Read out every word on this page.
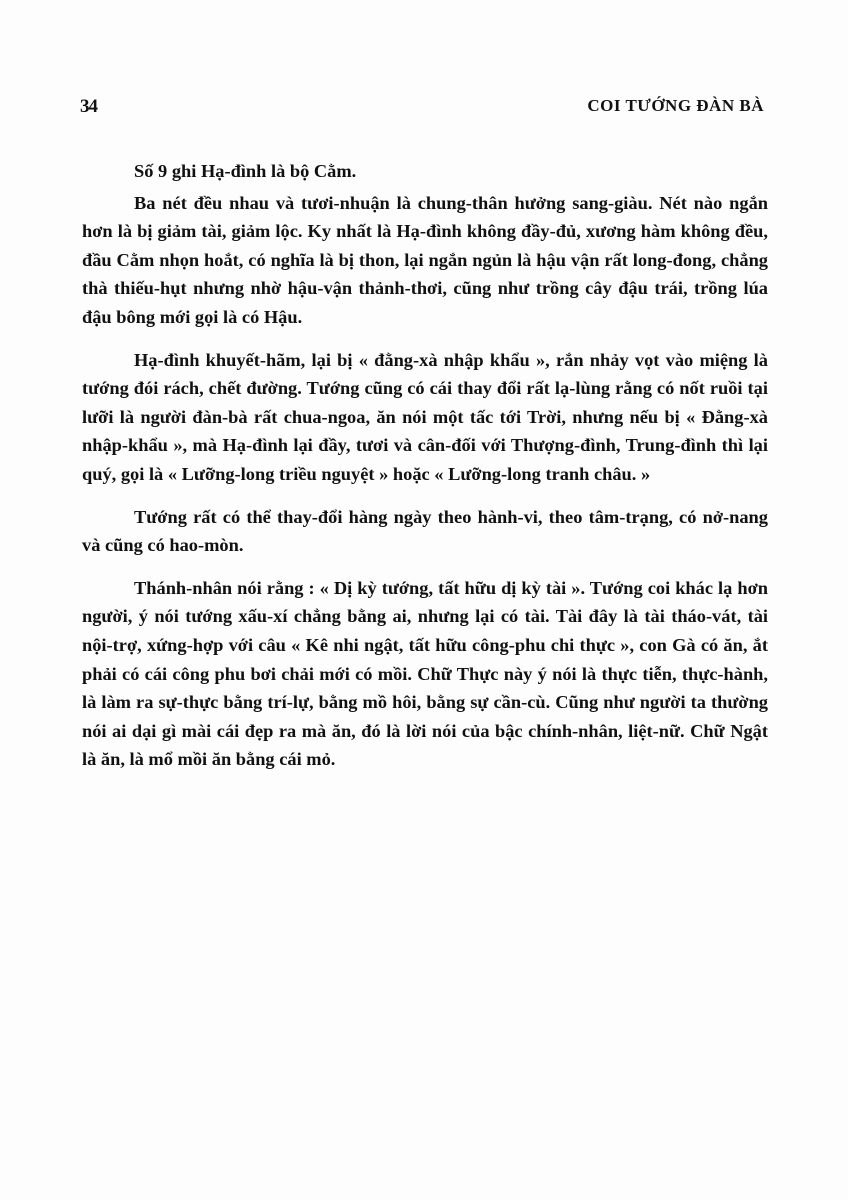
34	COI TƯỚNG ĐÀN BÀ

Số 9 ghi Hạ-đình là bộ Cằm.

Ba nét đều nhau và tươi-nhuận là chung-thân hưởng sang-giàu. Nét nào ngắn hơn là bị giảm tài, giảm lộc. Ky nhất là Hạ-đình không đầy-đủ, xương hàm không đều, đầu Cằm nhọn hoắt, có nghĩa là bị thon, lại ngắn ngủn là hậu vận rất long-đong, chẳng thà thiếu-hụt nhưng nhờ hậu-vận thảnh-thơi, cũng như trồng cây đậu trái, trồng lúa đậu bông mới gọi là có Hậu.

Hạ-đình khuyết-hãm, lại bị « đằng-xà nhập khẩu », rắn nhảy vọt vào miệng là tướng đói rách, chết đường. Tướng cũng có cái thay đổi rất lạ-lùng rằng có nốt ruồi tại lưỡi là người đàn-bà rất chua-ngoa, ăn nói một tấc tới Trời, nhưng nếu bị « Đằng-xà nhập-khẩu », mà Hạ-đình lại đầy, tươi và cân-đối với Thượng-đình, Trung-đình thì lại quý, gọi là « Lưỡng-long triều nguyệt » hoặc « Lưỡng-long tranh châu. »

Tướng rất có thể thay-đổi hàng ngày theo hành-vi, theo tâm-trạng, có nở-nang và cũng có hao-mòn.

Thánh-nhân nói rằng : « Dị kỳ tướng, tất hữu dị kỳ tài ». Tướng coi khác lạ hơn người, ý nói tướng xấu-xí chẳng bằng ai, nhưng lại có tài. Tài đây là tài tháo-vát, tài nội-trợ, xứng-hợp với câu « Kê nhi ngật, tất hữu công-phu chi thực », con Gà có ăn, ắt phải có cái công phu bơi chải mới có mồi. Chữ Thực này ý nói là thực tiễn, thực-hành, là làm ra sự-thực bằng trí-lự, bằng mồ hôi, bằng sự cần-cù. Cũng như người ta thường nói ai dại gì mài cái đẹp ra mà ăn, đó là lời nói của bậc chính-nhân, liệt-nữ. Chữ Ngật là ăn, là mổ mồi ăn bằng cái mỏ.
